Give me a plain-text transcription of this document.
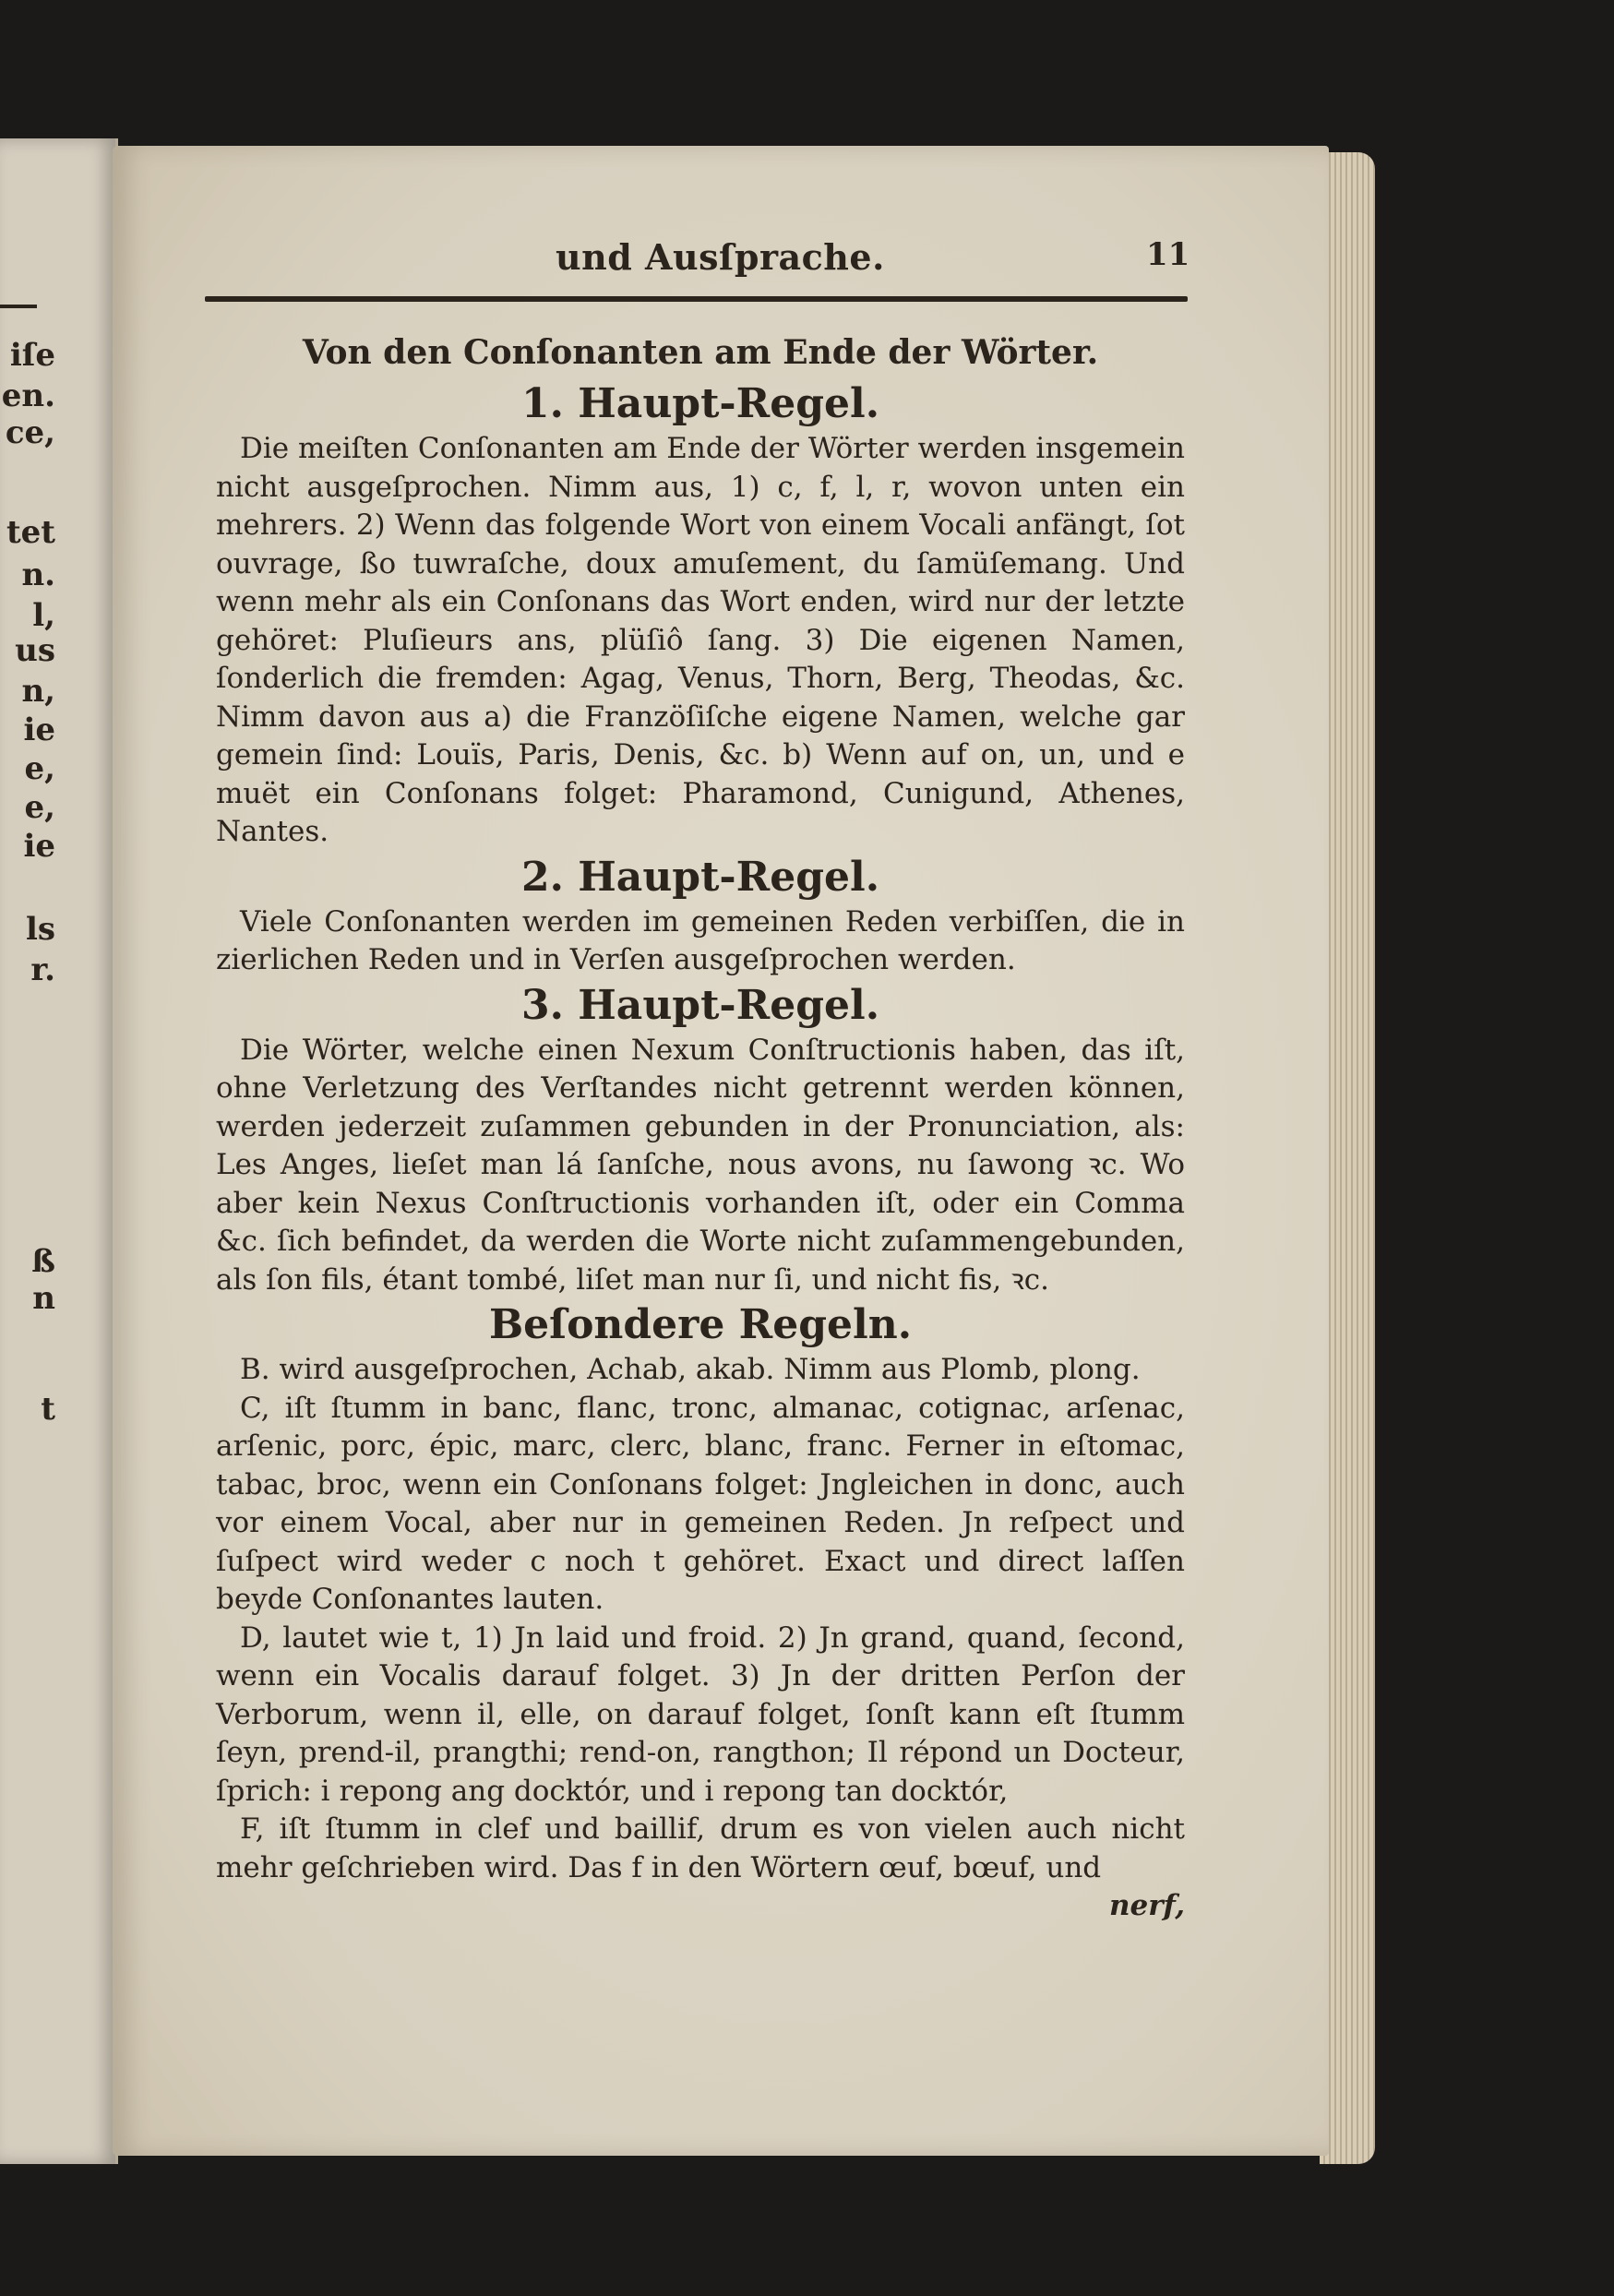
iſe
en.
ce,
tet
n.
l,
us
n,
ie
e,
e,
ie
ls
r.
ß
n
t
und Ausſprache.	11

Von den Conſonanten am Ende der Wörter.

1. Haupt-Regel.

Die meiſten Conſonanten am Ende der Wörter werden insgemein nicht ausgeſprochen. Nimm aus, 1) c, f, l, r, wovon unten ein mehrers. 2) Wenn das folgende Wort von einem Vocali anfängt, ſot ouvrage, ßo tuwraſche, doux amuſement, du ſamüſemang. Und wenn mehr als ein Conſonans das Wort enden, wird nur der letzte gehöret: Pluſieurs ans, plüſiô ſang. 3) Die eigenen Namen, ſonderlich die fremden: Agag, Venus, Thorn, Berg, Theodas, &c. Nimm davon aus a) die Franzöſiſche eigene Namen, welche gar gemein ſind: Louïs, Paris, Denis, &c. b) Wenn auf on, un, und e muët ein Conſonans folget: Pharamond, Cunigund, Athenes, Nantes.

2. Haupt-Regel.

Viele Conſonanten werden im gemeinen Reden verbiſſen, die in zierlichen Reden und in Verſen ausgeſprochen werden.

3. Haupt-Regel.

Die Wörter, welche einen Nexum Conſtructionis haben, das iſt, ohne Verletzung des Verſtandes nicht getrennt werden können, werden jederzeit zuſammen gebunden in der Pronunciation, als: Les Anges, lieſet man lá ſanſche, nous avons, nu ſawong ꝛc. Wo aber kein Nexus Conſtructionis vorhanden iſt, oder ein Comma &c. ſich befindet, da werden die Worte nicht zuſammengebunden, als ſon fils, étant tombé, liſet man nur ſi, und nicht fis, ꝛc.

Beſondere Regeln.

B. wird ausgeſprochen, Achab, akab. Nimm aus Plomb, plong.

C, iſt ſtumm in banc, flanc, tronc, almanac, cotignac, arſenac, arſenic, porc, épic, marc, clerc, blanc, franc. Ferner in eſtomac, tabac, broc, wenn ein Conſonans folget: Jngleichen in donc, auch vor einem Vocal, aber nur in gemeinen Reden. Jn reſpect und ſuſpect wird weder c noch t gehöret. Exact und direct laſſen beyde Conſonantes lauten.

D, lautet wie t, 1) Jn laid und froid. 2) Jn grand, quand, ſecond, wenn ein Vocalis darauf folget. 3) Jn der dritten Perſon der Verborum, wenn il, elle, on darauf folget, ſonſt kann eſt ſtumm ſeyn, prend-il, prangthi; rend-on, rangthon; Il répond un Docteur, ſprich: i repong ang docktór, und i repong tan docktór,

F, iſt ſtumm in clef und baillif, drum es von vielen auch nicht mehr geſchrieben wird. Das f in den Wörtern œuf, bœuf, und

nerf,
